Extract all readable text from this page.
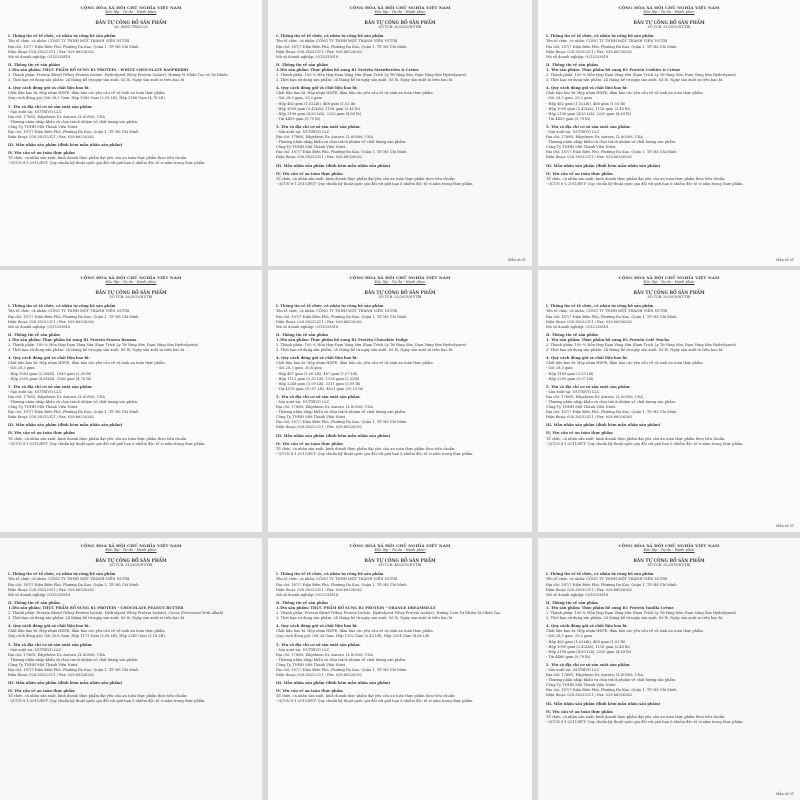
CỘNG HÒA XÃ HỘI CHỦ NGHĨA VIỆT NAM
Độc lập - Tự do - Hạnh phúc
BẢN TỰ CÔNG BỐ SẢN PHẨM
Số: 49/NUTRI/2020
I. Thông tin về tổ chức, cá nhân tự công bố sản phẩm
Tên tổ chức, cá nhân: CÔNG TY TNHH MỘT THÀNH VIÊN NUTRI
Địa chỉ: 187/7 Điện Biên Phủ, Phường Đa Kao, Quận 1, TP. Hồ Chí Minh
Điện thoại: 028.38232311 / Fax: 028.66526262
Mã số doanh nghiệp: 0313333818
II. Thông tin về sản phẩm
1.Tên sản phẩm: THỰC PHẨM BỔ SUNG R1 PROTEIN - WHITE CHOCOLATE RASPBERRY
2. Thành phần: Protein Blend (Whey Protein Isolate, Hydrolyzed Whey Protein Isolate), Hương Vị Nhân Tạo và Tự Nhiên
3. Thời hạn sử dụng sản phẩm: 24 tháng kể từ ngày sản xuất. Số lô, Ngày sản xuất in trên bao bì.
4. Quy cách đóng gói và chất liệu bao bì:
Chất liệu bao bì: Hộp nhựa HDPE, đảm bảo các yêu cầu về vệ sinh an toàn thực phẩm.
Quy cách đóng gói: Gói 28,3 Gam, Hộp 1083 Gam (2,39 LB), Hộp 2166 Gam (4,78 LB)
5. Tên và địa chỉ cơ sở sản xuất sản phẩm:
- Sản xuất tại: NUTRIVO LLC
Địa chỉ: 1780N, Edgelawn Dr, Aurora, IL 60506, USA
- Thương nhân nhập khẩu và chịu trách nhiệm về chất lượng sản phẩm:
Công Ty TNHH Một Thành Viên Nutri.
Địa chỉ: 187/7 Điện Biên Phủ, Phường Đa Kao, Quận 1, TP. Hồ Chí Minh
Điện thoại: 028.38232311 / Fax: 028.66526262
III. Mẫu nhãn sản phẩm (đính kèm mẫu nhãn sản phẩm)
IV. Yêu cầu về an toàn thực phẩm
Tổ chức, cá nhân sản xuất, kinh doanh thực phẩm đạt yêu cầu an toàn thực phẩm theo tiêu chuẩn:
- QCVN 8-1:2011/BYT- Quy chuẩn kỹ thuật quốc gia đối với giới hạn ô nhiễm độc tố vi nấm trong thực phẩm.
CỘNG HÒA XÃ HỘI CHỦ NGHĨA VIỆT NAM
Độc lập - Tự do - Hạnh phúc
BẢN TỰ CÔNG BỐ SẢN PHẨM
SỐ TCB: 30/2020/NUTRI
I. Thông tin về tổ chức, cá nhân tự công bố sản phẩm
Tên tổ chức, cá nhân: CÔNG TY TNHH MỘT THÀNH VIÊN NUTRI
Địa chỉ: 187/7 Điện Biên Phủ, Phường Đa Kao, Quận 1, TP. Hồ Chí Minh
Điện thoại: 028.38232311 / Fax: 028.66526262
Mã số doanh nghiệp: 0313333818
II. Thông tin về sản phẩm
1.Tên sản phẩm: Thực phẩm bổ sung R1 Protein Strawberries & Crème
2. Thành phần: 100 % Hỗn Hợp Đạm Váng Sữa (Đạm Trích Ly Từ Váng Sữa, Đạm Váng Sữa Hydrolyzate)
3. Thời hạn sử dụng sản phẩm: 24 tháng kể từ ngày sản xuất. Số lô, Ngày sản xuất in trên bao bì.
4. Quy cách đóng gói và chất liệu bao bì:
Chất liệu bao bì: Hộp nhựa HDPE, đảm bảo các yêu cầu về vệ sinh an toàn thực phẩm.
- Gói 28,3 gam, 29,2 gam
- Hộp 462 gam (1,02Lib), 468 gam (1,03 lb)
- Hộp 1099 gam (2,42Lib), 1116 gam (2,45 lb)
- Hộp 2196 gam (4,83 Lib), 2220 gam (4,89 lb)
- Túi 4459 gam (9,79 lb)
5. Tên và địa chỉ cơ sở sản xuất sản phẩm:
- Sản xuất tại: NUTRIVO LLC
Địa chỉ: 1780N, Edgelawn Dr, Aurora, IL 60506, USA
- Thương nhân nhập khẩu và chịu trách nhiệm về chất lượng sản phẩm:
Công Ty TNHH Một Thành Viên Nutri.
Địa chỉ: 187/7 Điện Biên Phủ, Phường Đa Kao, Quận 1, TP. Hồ Chí Minh
Điện thoại: 028.38232311 / Fax: 028.66526262
III. Mẫu nhãn sản phẩm (đính kèm mẫu nhãn sản phẩm)
IV. Yêu cầu về an toàn thực phẩm
Tổ chức, cá nhân sản xuất, kinh doanh thực phẩm đạt yêu cầu an toàn thực phẩm theo tiêu chuẩn:
- QCVN 8-1:2011/BYT- Quy chuẩn kỹ thuật quốc gia đối với giới hạn ô nhiễm độc tố vi nấm trong thực phẩm.
Mẫu số 01
CỘNG HÒA XÃ HỘI CHỦ NGHĨA VIỆT NAM
Độc lập - Tự do - Hạnh phúc
BẢN TỰ CÔNG BỐ SẢN PHẨM
SỐ TCB: 31/2019/NUTRI
I. Thông tin về tổ chức, cá nhân tự công bố sản phẩm
Tên tổ chức, cá nhân: CÔNG TY TNHH MỘT THÀNH VIÊN NUTRI
Địa chỉ: 187/7 Điện Biên Phủ, Phường Đa Kao, Quận 1, TP. Hồ Chí Minh
Điện thoại: 028.38232311 / Fax: 028.66526262
Mã số doanh nghiệp: 0313333818
II. Thông tin về sản phẩm
1. Tên sản phẩm: Thực phẩm bổ sung R1 Protein Cookies & Crème
2. Thành phần: 100 % Hỗn Hợp Đạm Váng Sữa (Đạm Trích Ly Từ Váng Sữa, Đạm Váng Sữa Hydrolyzate)
3. Thời hạn sử dụng sản phẩm: 24 tháng kể từ ngày sản xuất. Số lô, Ngày sản xuất in trên bao bì.
4. Quy cách đóng gói và chất liệu bao bì:
Chất liệu bao bì: Hộp nhựa HDPE, đảm bảo các yêu cầu về vệ sinh an toàn thực phẩm.
- Gói 28,3 gam, 29,2 gam
- Hộp 462 gam (1,02Lib), 468 gam (1,03 lb)
- Hộp 1099 gam (2,42Lib), 1116 gam (2,45 lb)
- Hộp 2196 gam (4,83 Lib), 2220 gam (4,89 lb)
- Túi 4459 gam (9,79 lb)
5. Tên và địa chỉ cơ sở sản xuất sản phẩm:
- Sản xuất tại: NUTRIVO LLC
Địa chỉ: 1780N, Edgelawn Dr, Aurora, IL 60506, USA
- Thương nhân nhập khẩu và chịu trách nhiệm về chất lượng sản phẩm:
Công Ty TNHH Một Thành Viên Nutri.
Địa chỉ: 187/7 Điện Biên Phủ, Phường Đa Kao, Quận 1, TP. Hồ Chí Minh
Điện thoại: 028.38232311 / Fax: 028.66526262
III. Mẫu nhãn sản phẩm (đính kèm mẫu nhãn sản phẩm)
IV. Yêu cầu về an toàn thực phẩm
Tổ chức, cá nhân sản xuất, kinh doanh thực phẩm đạt yêu cầu an toàn thực phẩm theo tiêu chuẩn:
- QCVN 8-1:2011/BYT- Quy chuẩn kỹ thuật quốc gia đối với giới hạn ô nhiễm độc tố vi nấm trong thực phẩm.
Mẫu số 01
CỘNG HÒA XÃ HỘI CHỦ NGHĨA VIỆT NAM
Độc lập - Tự do - Hạnh phúc
BẢN TỰ CÔNG BỐ SẢN PHẨM
SỐ TCB: 28/2019/NUTRI
I. Thông tin về tổ chức, cá nhân tự công bố sản phẩm
Tên tổ chức, cá nhân: CÔNG TY TNHH MỘT THÀNH VIÊN NUTRI
Địa chỉ: 187/7 Điện Biên Phủ, Phường Đa Kao, Quận 1, TP. Hồ Chí Minh
Điện thoại: 028.38232311 / Fax: 028.66526262
Mã số doanh nghiệp: 0313333818
II. Thông tin về sản phẩm
1.Tên sản phẩm: Thực phẩm bổ sung R1 Protein Frozen Banana
2. Thành phần: 100 % Hỗn Hợp Đạm Váng Sữa (Đạm Trích Ly Từ Váng Sữa, Đạm Váng Sữa Hydrolyzate)
3. Thời hạn sử dụng sản phẩm: 24 tháng kể từ ngày sản xuất. Số lô, Ngày sản xuất in trên bao bì.
4. Quy cách đóng gói và chất liệu bao bì:
Chất liệu bao bì: Hộp nhựa HDPE, đảm bảo các yêu cầu về vệ sinh an toàn thực phẩm.
- Gói 28,3 gam
- Hộp 1083 gam (2,38LB), 1083 gam (2,39 lb)
- Hộp 2200 gam (4,85LB), 2166 gam (4,78 lb)
5. Tên và địa chỉ cơ sở sản xuất sản phẩm:
- Sản xuất tại: NUTRIVO LLC
Địa chỉ: 1780N, Edgelawn Dr, Aurora, IL 60506, USA
- Thương nhân nhập khẩu và chịu trách nhiệm về chất lượng sản phẩm:
Công Ty TNHH Một Thành Viên Nutri.
Địa chỉ: 187/7 Điện Biên Phủ, Phường Đa Kao, Quận 1, TP. Hồ Chí Minh
Điện thoại: 028.38232311 / Fax: 028.66526262
III. Mẫu nhãn sản phẩm (đính kèm mẫu nhãn sản phẩm)
IV. Yêu cầu về an toàn thực phẩm
Tổ chức, cá nhân sản xuất, kinh doanh thực phẩm đạt yêu cầu an toàn thực phẩm theo tiêu chuẩn:
- QCVN 8-1:2011/BYT- Quy chuẩn kỹ thuật quốc gia đối với giới hạn ô nhiễm độc tố vi nấm trong thực phẩm.
CỘNG HÒA XÃ HỘI CHỦ NGHĨA VIỆT NAM
Độc lập - Tự do - Hạnh phúc
BẢN TỰ CÔNG BỐ SẢN PHẨM
SỐ TCB: 33/2019/NUTRI
I. Thông tin về tổ chức, cá nhân tự công bố sản phẩm
Tên tổ chức, cá nhân: CÔNG TY TNHH MỘT THÀNH VIÊN NUTRI
Địa chỉ: 187/7 Điện Biên Phủ, Phường Đa Kao, Quận 1, TP. Hồ Chí Minh
Điện thoại: 028.38232311 / Fax: 028.66526262
Mã số doanh nghiệp: 0313333818
II. Thông tin về sản phẩm
1.Tên sản phẩm: Thực phẩm bổ sung R1 Protein Chocolate Fudge
2. Thành phần: 100 % Hỗn Hợp Đạm Váng Sữa (Đạm Trích Ly Từ Váng Sữa, Đạm Váng Sữa Hydrolyzate)
3. Thời hạn sử dụng sản phẩm: 24 tháng kể từ ngày sản xuất. Số lô, Ngày sản xuất in trên bao bì.
4. Quy cách đóng gói và chất liệu bao bì:
Chất liệu bao bì: Hộp nhựa HDPE, đảm bảo các yêu cầu về vệ sinh an toàn thực phẩm.
- Gói 28,3 gam, 30,4 gam
- Hộp 487 gam (1,06 LB), 487 gam (1,07 LB)
- Hộp 1112 gam (2,32 LB), 1136 gam (2,33lb)
- Hộp 2248 gam (5,09 LB), 2311 gam (5,09 lb)
- Túi 4576 gam (10,07 LB), 4621 gam (10,19 lb)
5. Tên và địa chỉ cơ sở sản xuất sản phẩm:
- Sản xuất tại: NUTRIVO LLC
Địa chỉ: 1780N, Edgelawn Dr, Aurora, IL 60506, USA
- Thương nhân nhập khẩu và chịu trách nhiệm về chất lượng sản phẩm:
Công Ty TNHH Một Thành Viên Nutri.
Địa chỉ: 187/7 Điện Biên Phủ, Phường Đa Kao, Quận 1, TP. Hồ Chí Minh
Điện thoại: 028.38232311 / Fax: 028.66526262
III. Mẫu nhãn sản phẩm (đính kèm mẫu nhãn sản phẩm)
IV. Yêu cầu về an toàn thực phẩm
Tổ chức, cá nhân sản xuất, kinh doanh thực phẩm đạt yêu cầu an toàn thực phẩm theo tiêu chuẩn:
- QCVN 8-1:2011/BYT- Quy chuẩn kỹ thuật quốc gia đối với giới hạn ô nhiễm độc tố vi nấm trong thực phẩm.
CỘNG HÒA XÃ HỘI CHỦ NGHĨA VIỆT NAM
Độc lập - Tự do - Hạnh phúc
BẢN TỰ CÔNG BỐ SẢN PHẨM
SỐ TCB: 29/2019/NUTRI
I. Thông tin về tổ chức, cá nhân tự công bố sản phẩm
Tên tổ chức, cá nhân: CÔNG TY TNHH MỘT THÀNH VIÊN NUTRI
Địa chỉ: 187/7 Điện Biên Phủ, Phường Đa Kao, Quận 1, TP. Hồ Chí Minh
Điện thoại: 028.38232311 / Fax: 028.66526262
Mã số doanh nghiệp: 0313333818
II. Thông tin về sản phẩm
1. Tên sản phẩm: Thực phẩm bổ sung R1 Protein Café Mocha
2. Thành phần: 100 % Hỗn Hợp Đạm Váng Sữa (Đạm Trích Ly Từ Váng Sữa, Đạm Váng Sữa Hydrolyzate)
3. Thời hạn sử dụng sản phẩm: 24 tháng kể từ ngày sản xuất. Số lô, Ngày sản xuất in trên bao bì.
4. Quy cách đóng gói và chất liệu bao bì:
Chất liệu bao bì: Hộp nhựa HDPE, đảm bảo các yêu cầu về vệ sinh an toàn thực phẩm.
- Gói 28,3 gam
- Hộp 1149 gam (2,53 LB)
- Hộp 2299 gam (5,07 LB)
5. Tên và địa chỉ cơ sở sản xuất sản phẩm:
- Sản xuất tại: NUTRIVO LLC
Địa chỉ: 1780N, Edgelawn Dr, Aurora, IL 60506, USA
- Thương nhân nhập khẩu và chịu trách nhiệm về chất lượng sản phẩm:
Công Ty TNHH Một Thành Viên Nutri.
Địa chỉ: 187/7 Điện Biên Phủ, Phường Đa Kao, Quận 1, TP. Hồ Chí Minh
Điện thoại: 028.38232311 / Fax: 028.66526262
III. Mẫu nhãn sản phẩm (đính kèm mẫu nhãn sản phẩm)
IV. Yêu cầu về an toàn thực phẩm
Tổ chức, cá nhân sản xuất, kinh doanh thực phẩm đạt yêu cầu an toàn thực phẩm theo tiêu chuẩn:
- QCVN 8-1:2011/BYT- Quy chuẩn kỹ thuật quốc gia đối với giới hạn ô nhiễm độc tố vi nấm trong thực phẩm.
Mẫu số 01
CỘNG HÒA XÃ HỘI CHỦ NGHĨA VIỆT NAM
Độc lập - Tự do - Hạnh phúc
BẢN TỰ CÔNG BỐ SẢN PHẨM
SỐ TCB: 31/2019/NUTRI
I. Thông tin về tổ chức, cá nhân tự công bố sản phẩm
Tên tổ chức, cá nhân: CÔNG TY TNHH MỘT THÀNH VIÊN NUTRI
Địa chỉ: 187/7 Điện Biên Phủ, Phường Đa Kao, Quận 1, TP. Hồ Chí Minh
Điện thoại: 028.38232311 / Fax: 028.66526262
Mã số doanh nghiệp: 0313333818
II. Thông tin về sản phẩm
1.Tên sản phẩm: THỰC PHẨM BỔ SUNG R1 PROTEIN - CHOCOLATE PEANUT BUTTER
2. Thành phần: Protein Blend (Whey Protein Isolate, Hydrolyzed Whey Protein Isolate), Cocoa (Processed With Alkali)
3. Thời hạn sử dụng sản phẩm: 24 tháng kể từ ngày sản xuất. Số lô, Ngày sản xuất in trên bao bì.
4. Quy cách đóng gói và chất liệu bao bì:
Chất liệu bao bì: Hộp nhựa HDPE, đảm bảo các yêu cầu về vệ sinh an toàn thực phẩm.
Quy cách đóng gói: Gói 30,8 Gam, Hộp 1171 Gam (2,58 LB), Hộp 2341 Gam (5,16 LB)
5. Tên và địa chỉ cơ sở sản xuất sản phẩm:
- Sản xuất tại: NUTRIVO LLC
Địa chỉ: 1780N, Edgelawn Dr, Aurora, IL 60506, USA
- Thương nhân nhập khẩu và chịu trách nhiệm về chất lượng sản phẩm:
Công Ty TNHH Một Thành Viên Nutri.
Địa chỉ: 187/7 Điện Biên Phủ, Phường Đa Kao, Quận 1, TP. Hồ Chí Minh
Điện thoại: 028.38232311 / Fax: 028.66526262
III. Mẫu nhãn sản phẩm (đính kèm mẫu nhãn sản phẩm)
IV. Yêu cầu về an toàn thực phẩm
Tổ chức, cá nhân sản xuất, kinh doanh thực phẩm đạt yêu cầu an toàn thực phẩm theo tiêu chuẩn:
- QCVN 8-1:2011/BYT- Quy chuẩn kỹ thuật quốc gia đối với giới hạn ô nhiễm độc tố vi nấm trong thực phẩm.
CỘNG HÒA XÃ HỘI CHỦ NGHĨA VIỆT NAM
Độc lập - Tự do - Hạnh phúc
BẢN TỰ CÔNG BỐ SẢN PHẨM
SỐ TCB: 48/2019/NUTRI
I. Thông tin về tổ chức, cá nhân tự công bố sản phẩm
Tên tổ chức, cá nhân: CÔNG TY TNHH MỘT THÀNH VIÊN NUTRI
Địa chỉ: 187/7 Điện Biên Phủ, Phường Đa Kao, Quận 1, TP. Hồ Chí Minh
Điện thoại: 028.38232311 / Fax: 028.66526262
Mã số doanh nghiệp: 0313333818
II. Thông tin về sản phẩm
1.Tên sản phẩm: THỰC PHẨM BỔ SUNG R1 PROTEIN - ORANGE DREAMSICLE
2. Thành phần: Protein Blend (Whey Protein Isolate, Hydrolyzed Whey Protein Isolate), Hương Cam Tự Nhiên Và Nhân Tạo
3. Thời hạn sử dụng sản phẩm: 24 tháng kể từ ngày sản xuất. Số lô, Ngày sản xuất in trên bao bì.
4. Quy cách đóng gói và chất liệu bao bì:
Chất liệu bao bì: Hộp nhựa HDPE, đảm bảo các yêu cầu về vệ sinh an toàn thực phẩm.
Quy cách đóng gói: Gói 28 Gam, Hộp 1102 Gam (2,43 LB), Hộp 2204 Gam (4,86 LB)
5. Tên và địa chỉ cơ sở sản xuất sản phẩm:
- Sản xuất tại: NUTRIVO LLC
Địa chỉ: 1780N, Edgelawn Dr, Aurora, IL 60506, USA
- Thương nhân nhập khẩu và chịu trách nhiệm về chất lượng sản phẩm:
Công Ty TNHH Một Thành Viên Nutri.
Địa chỉ: 187/7 Điện Biên Phủ, Phường Đa Kao, Quận 1, TP. Hồ Chí Minh
Điện thoại: 028.38232311 / Fax: 028.66526262
III. Mẫu nhãn sản phẩm (đính kèm mẫu nhãn sản phẩm)
IV. Yêu cầu về an toàn thực phẩm
Tổ chức, cá nhân sản xuất, kinh doanh thực phẩm đạt yêu cầu an toàn thực phẩm theo tiêu chuẩn:
- QCVN 8-1:2011/BYT- Quy chuẩn kỹ thuật quốc gia đối với giới hạn ô nhiễm độc tố vi nấm trong thực phẩm.
CỘNG HÒA XÃ HỘI CHỦ NGHĨA VIỆT NAM
Độc lập - Tự do - Hạnh phúc
BẢN TỰ CÔNG BỐ SẢN PHẨM
SỐ TCB: 32/2019/NUTRI
I. Thông tin về tổ chức, cá nhân tự công bố sản phẩm
Tên tổ chức, cá nhân: CÔNG TY TNHH MỘT THÀNH VIÊN NUTRI
Địa chỉ: 187/7 Điện Biên Phủ, Phường Đa Kao, Quận 1, TP. Hồ Chí Minh
Điện thoại: 028.38232311 / Fax: 028.66526262
Mã số doanh nghiệp: 0313333818
II. Thông tin về sản phẩm
1. Tên sản phẩm: Thực phẩm bổ sung R1 Protein Vanilla Crème
2. Thành phần: 100 % Hỗn Hợp Đạm Váng Sữa (Đạm Trích Ly Từ Váng Sữa, Đạm Váng Sữa Hydrolyzate)
3. Thời hạn sử dụng sản phẩm: 24 tháng kể từ ngày sản xuất. Số lô, Ngày sản xuất in trên bao bì.
4. Quy cách đóng gói và chất liệu bao bì:
Chất liệu bao bì: Hộp nhựa HDPE, đảm bảo các yêu cầu về vệ sinh an toàn thực phẩm.
- Gói 28,3 gam, 29,2 gam
- Hộp 462 gam (1,02Lib), 468 gam (1,03 lb)
- Hộp 1099 gam (2,42Lib), 1116 gam (2,45 lb)
- Hộp 2196 gam (4,83 Lib), 2220 gam (4,89 lb)
- Túi 4460 gam (9,79 lb)
5. Tên và địa chỉ cơ sở sản xuất sản phẩm:
- Sản xuất tại: NUTRIVO LLC
Địa chỉ: 1780N, Edgelawn Dr, Aurora, IL 60506, USA
- Thương nhân nhập khẩu và chịu trách nhiệm về chất lượng sản phẩm:
Công Ty TNHH Một Thành Viên Nutri.
Địa chỉ: 187/7 Điện Biên Phủ, Phường Đa Kao, Quận 1, TP. Hồ Chí Minh
Điện thoại: 028.38232311 / Fax: 028.66526262
III. Mẫu nhãn sản phẩm (đính kèm mẫu nhãn sản phẩm)
IV. Yêu cầu về an toàn thực phẩm
Tổ chức, cá nhân sản xuất, kinh doanh thực phẩm đạt yêu cầu an toàn thực phẩm theo tiêu chuẩn:
- QCVN 8-1:2011/BYT- Quy chuẩn kỹ thuật quốc gia đối với giới hạn ô nhiễm độc tố vi nấm trong thực phẩm.
Mẫu số 01
